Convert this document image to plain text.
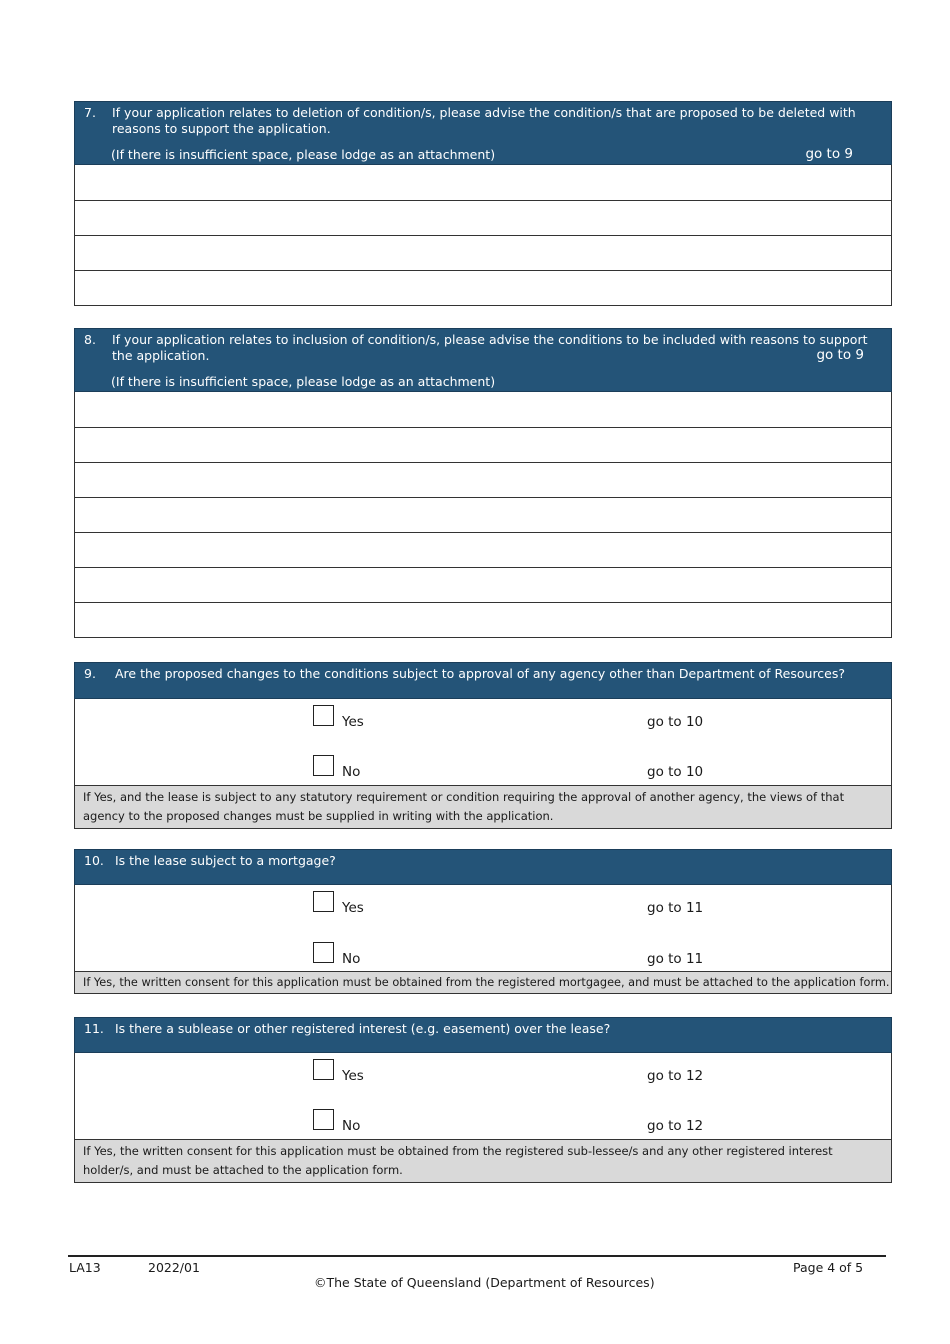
7. If your application relates to deletion of condition/s, please advise the condition/s that are proposed to be deleted with reasons to support the application.
(If there is insufficient space, please lodge as an attachment)	go to 9
8. If your application relates to inclusion of condition/s, please advise the conditions to be included with reasons to support the application.	go to 9
(If there is insufficient space, please lodge as an attachment)
9. Are the proposed changes to the conditions subject to approval of any agency other than Department of Resources?
Yes	go to 10
No	go to 10
If Yes, and the lease is subject to any statutory requirement or condition requiring the approval of another agency, the views of that agency to the proposed changes must be supplied in writing with the application.
10. Is the lease subject to a mortgage?
Yes	go to 11
No	go to 11
If Yes, the written consent for this application must be obtained from the registered mortgagee, and must be attached to the application form.
11. Is there a sublease or other registered interest (e.g. easement) over the lease?
Yes	go to 12
No	go to 12
If Yes, the written consent for this application must be obtained from the registered sub-lessee/s and any other registered interest holder/s, and must be attached to the application form.
LA13	2022/01	Page 4 of 5
©The State of Queensland (Department of Resources)
